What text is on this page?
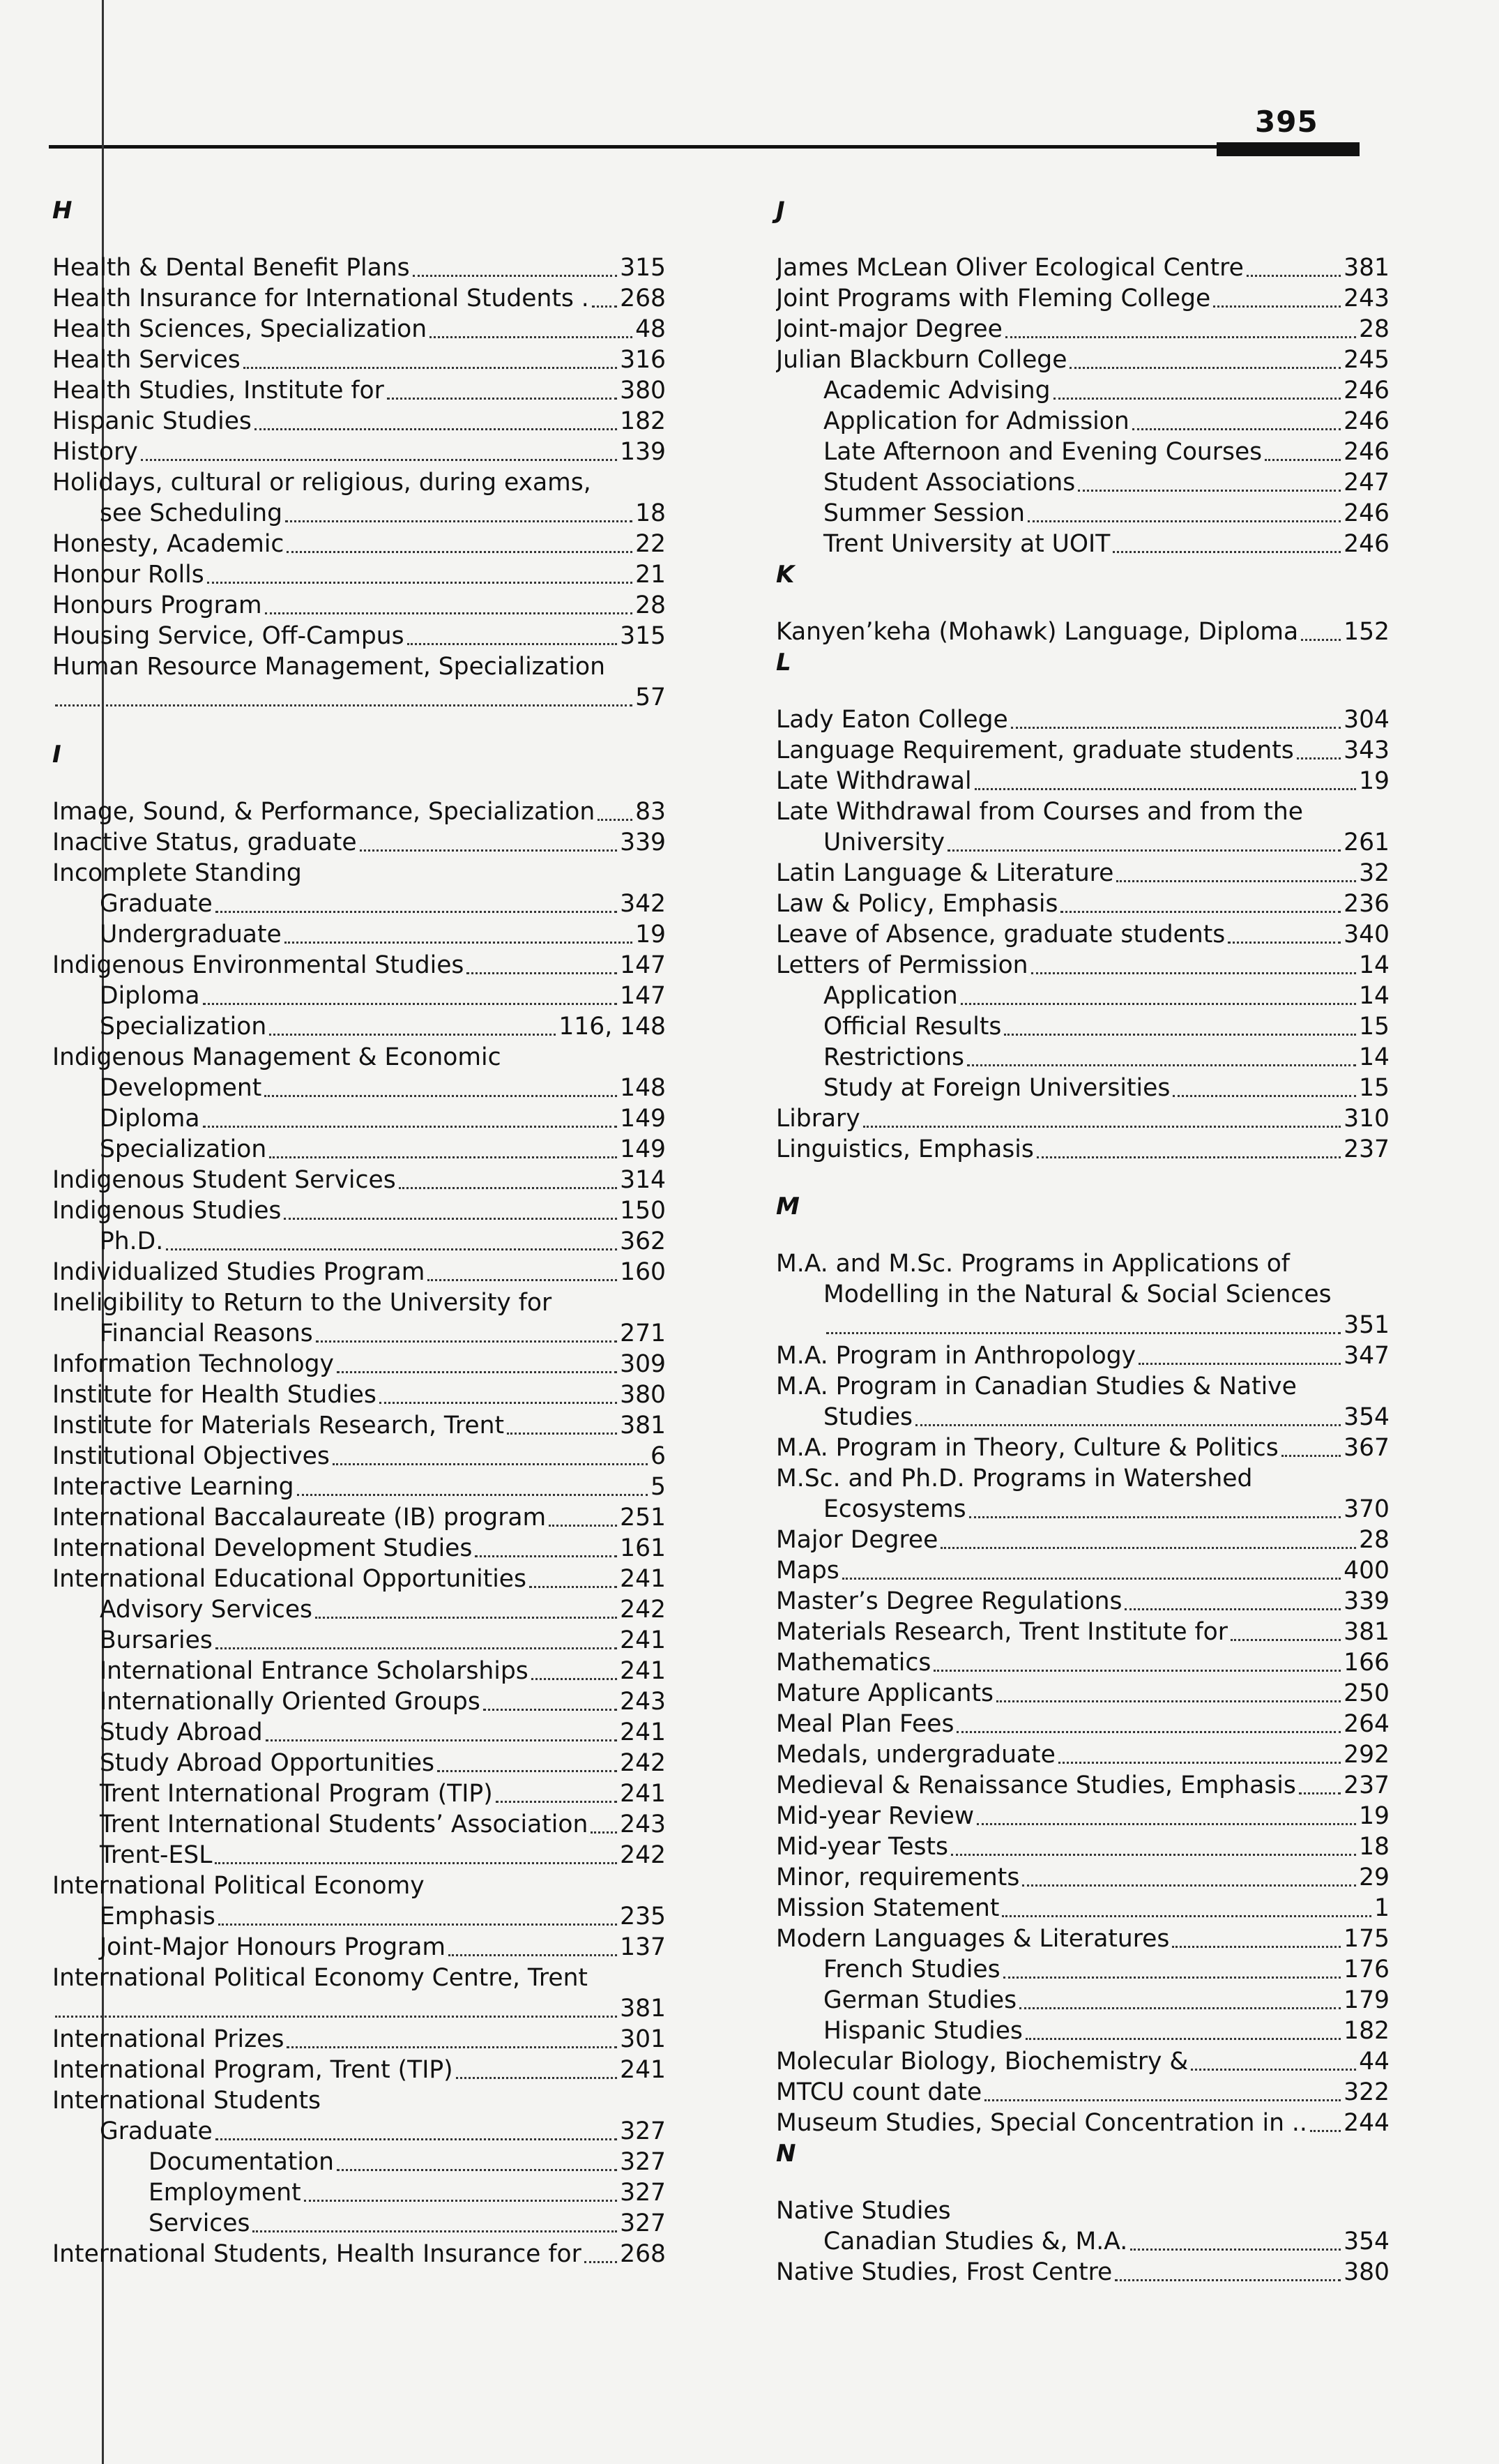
395
H
Health & Dental Benefit Plans	315
Health Insurance for International Students . 268
Health Sciences, Specialization	48
Health Services	316
Health Studies, Institute for	380
Hispanic Studies	182
History	139
Holidays, cultural or religious, during exams,
see Scheduling	18
Honesty, Academic	22
Honour Rolls	21
Honours Program	28
Housing Service, Off-Campus	315
Human Resource Management, Specialization
57
I
Image, Sound, & Performance, Specialization 83
Inactive Status, graduate	339
Incomplete Standing
Graduate	342
Undergraduate	19
Indigenous Environmental Studies	147
Diploma	147
Specialization	116, 148
Indigenous Management & Economic
Development	148
Diploma	149
Specialization	149
Indigenous Student Services	314
Indigenous Studies	150
Ph.D.	362
Individualized Studies Program	160
Ineligibility to Return to the University for
Financial Reasons	271
Information Technology	309
Institute for Health Studies	380
Institute for Materials Research, Trent	381
Institutional Objectives	6
Interactive Learning	5
International Baccalaureate (IB) program	251
International Development Studies	161
International Educational Opportunities	241
Advisory Services	242
Bursaries	241
International Entrance Scholarships	241
Internationally Oriented Groups	243
Study Abroad	241
Study Abroad Opportunities	242
Trent International Program (TIP)	241
Trent International Students’ Association 243
Trent-ESL	242
International Political Economy
Emphasis	235
Joint-Major Honours Program	137
International Political Economy Centre, Trent
381
International Prizes	301
International Program, Trent (TIP)	241
International Students
Graduate	327
Documentation	327
Employment	327
Services	327
International Students, Health Insurance for 268
J
James McLean Oliver Ecological Centre	381
Joint Programs with Fleming College	243
Joint-major Degree	28
Julian Blackburn College	245
Academic Advising	246
Application for Admission	246
Late Afternoon and Evening Courses	246
Student Associations	247
Summer Session	246
Trent University at UOIT	246
K
Kanyen’keha (Mohawk) Language, Diploma 152
L
Lady Eaton College	304
Language Requirement, graduate students 343
Late Withdrawal	19
Late Withdrawal from Courses and from the
University	261
Latin Language & Literature	32
Law & Policy, Emphasis	236
Leave of Absence, graduate students	340
Letters of Permission	14
Application	14
Official Results	15
Restrictions	14
Study at Foreign Universities	15
Library	310
Linguistics, Emphasis	237
M
M.A. and M.Sc. Programs in Applications of
Modelling in the Natural & Social Sciences
351
M.A. Program in Anthropology	347
M.A. Program in Canadian Studies & Native
Studies	354
M.A. Program in Theory, Culture & Politics	367
M.Sc. and Ph.D. Programs in Watershed
Ecosystems	370
Major Degree	28
Maps	400
Master’s Degree Regulations	339
Materials Research, Trent Institute for	381
Mathematics	166
Mature Applicants	250
Meal Plan Fees	264
Medals, undergraduate	292
Medieval & Renaissance Studies, Emphasis 237
Mid-year Review	19
Mid-year Tests	18
Minor, requirements	29
Mission Statement	1
Modern Languages & Literatures	175
French Studies	176
German Studies	179
Hispanic Studies	182
Molecular Biology, Biochemistry &	44
MTCU count date	322
Museum Studies, Special Concentration in .. 244
N
Native Studies
Canadian Studies &, M.A.	354
Native Studies, Frost Centre	380
